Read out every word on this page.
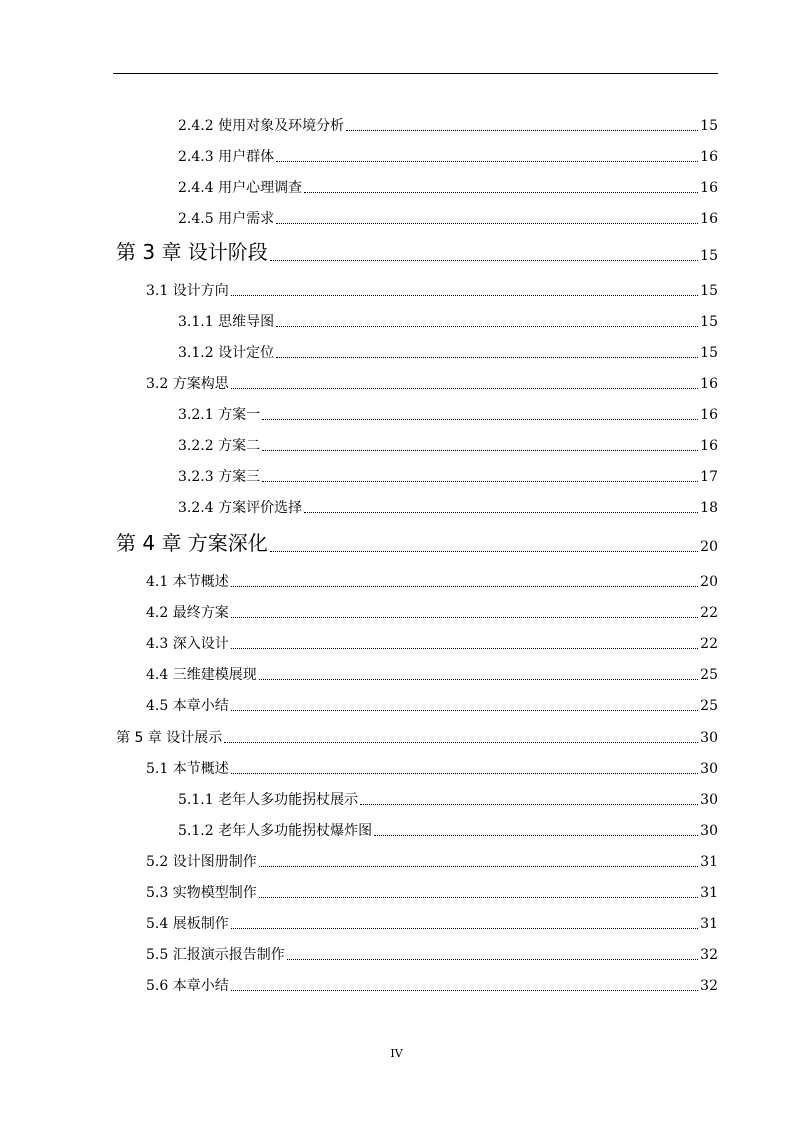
2.4.2 使用对象及环境分析	15
2.4.3 用户群体	16
2.4.4 用户心理调查	16
2.4.5 用户需求	16
第 3 章 设计阶段	15
3.1 设计方向	15
3.1.1 思维导图	15
3.1.2 设计定位	15
3.2 方案构思	16
3.2.1 方案一	16
3.2.2 方案二	16
3.2.3 方案三	17
3.2.4 方案评价选择	18
第 4 章 方案深化	20
4.1 本节概述	20
4.2 最终方案	22
4.3 深入设计	22
4.4 三维建模展现	25
4.5 本章小结	25
第 5 章 设计展示	30
5.1 本节概述	30
5.1.1 老年人多功能拐杖展示	30
5.1.2 老年人多功能拐杖爆炸图	30
5.2 设计图册制作	31
5.3 实物模型制作	31
5.4 展板制作	31
5.5 汇报演示报告制作	32
5.6 本章小结	32
IV
